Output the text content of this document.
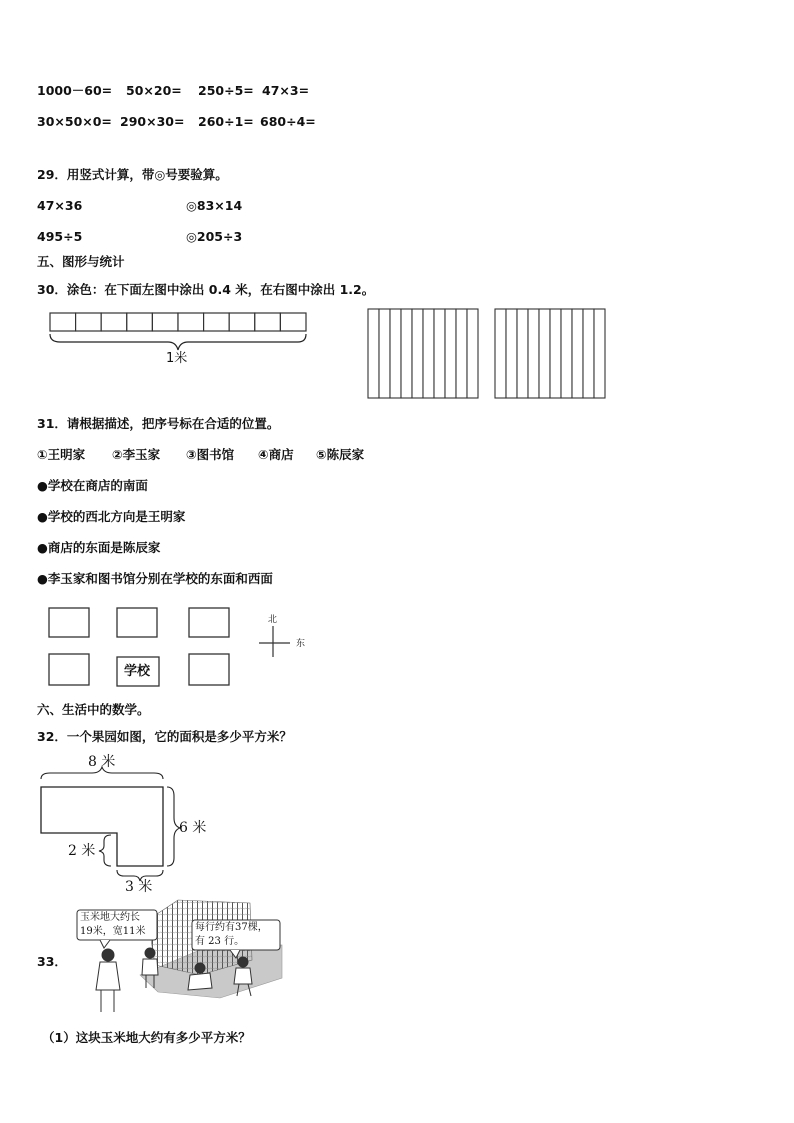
1000－60= 50×20= 250÷5= 47×3=
30×50×0= 290×30= 260÷1= 680÷4=
29．用竖式计算，带◎号要验算。
47×36	◎83×14
495÷5	◎205÷3
五、图形与统计
30．涂色：在下面左图中涂出 0.4 米，在右图中涂出 1.2。
1米
31．请根据描述，把序号标在合适的位置。
①王明家 ②李玉家 ③图书馆 ④商店 ⑤陈辰家
●学校在商店的南面
●学校的西北方向是王明家
●商店的东面是陈辰家
●李玉家和图书馆分别在学校的东面和西面
学校
北
东
六、生活中的数学。
32．一个果园如图，它的面积是多少平方米？
8 米
6 米
2 米
3 米
33．
玉米地大约长
19米，宽11米	每行约有37棵，
有 23 行。
（1）这块玉米地大约有多少平方米？
